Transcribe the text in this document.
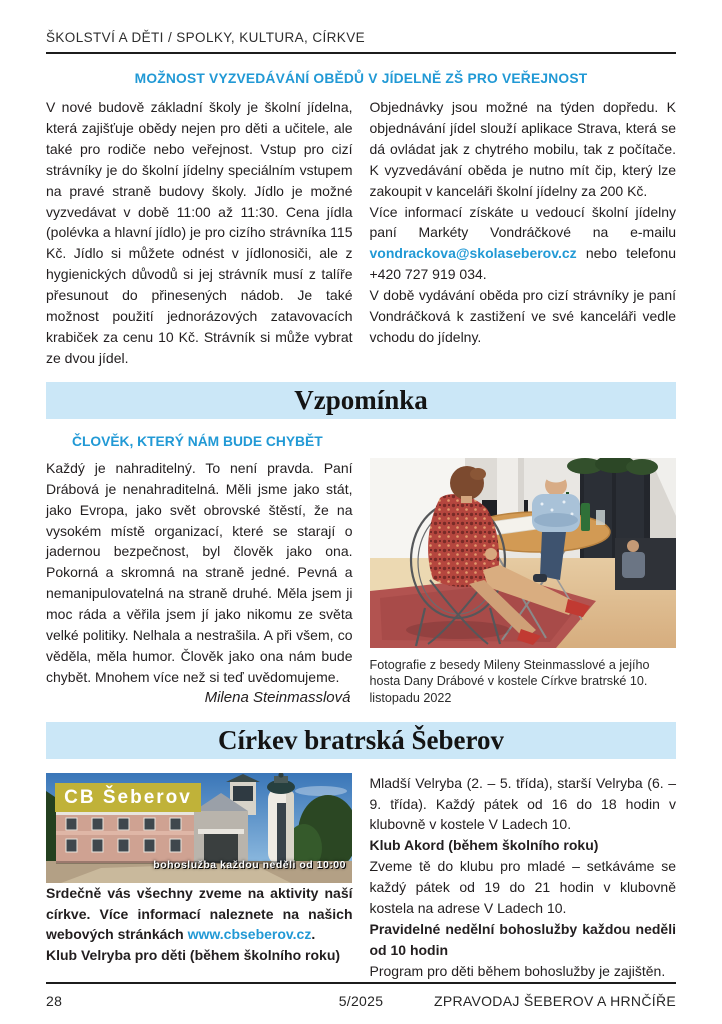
ŠKOLSTVÍ A DĚTI / SPOLKY, KULTURA, CÍRKVE
MOŽNOST VYZVEDÁVÁNÍ OBĚDŮ V JÍDELNĚ ZŠ PRO VEŘEJNOST

V nové budově základní školy je školní jídelna, která zajišťuje obědy nejen pro děti a učitele, ale také pro rodiče nebo veřejnost. Vstup pro cizí strávníky je do školní jídelny speciálním vstupem na pravé straně budovy školy. Jídlo je možné vyzvedávat v době 11:00 až 11:30. Cena jídla (polévka a hlavní jídlo) je pro cizího strávníka 115 Kč. Jídlo si můžete odnést v jídlonosiči, ale z hygienických důvodů si jej strávník musí z talíře přesunout do přinesených nádob. Je také možnost použití jednorázových zatavovacích krabiček za cenu 10 Kč. Strávník si může vybrat ze dvou jídel.

Objednávky jsou možné na týden dopředu. K objednávání jídel slouží aplikace Strava, která se dá ovládat jak z chytrého mobilu, tak z počítače. K vyzvedávání oběda je nutno mít čip, který lze zakoupit v kanceláři školní jídelny za 200 Kč.

Více informací získáte u vedoucí školní jídelny paní Markéty Vondráčkové na e-mailu vondrackova@skolaseberov.cz nebo telefonu +420 727 919 034.

V době vydávání oběda pro cizí strávníky je paní Vondráčková k zastižení ve své kanceláři vedle vchodu do jídelny.

Vzpomínka
ČLOVĚK, KTERÝ NÁM BUDE CHYBĚT

Každý je nahraditelný. To není pravda. Paní Drábová je nenahraditelná. Měli jsme jako stát, jako Evropa, jako svět obrovské štěstí, že na vysokém místě organizací, které se starají o jadernou bezpečnost, byl člověk jako ona. Pokorná a skromná na straně jedné. Pevná a nemanipulovatelná na straně druhé. Měla jsem ji moc ráda a věřila jsem jí jako nikomu ze světa velké politiky. Nelhala a nestrašila. A při všem, co věděla, měla humor. Člověk jako ona nám bude chybět. Mnohem více než si teď uvědomujeme.

Milena Steinmasslová

Fotografie z besedy Mileny Steinmasslové a jejího hosta Dany Drábové v kostele Církve bratrské 10. listopadu 2022
Církev bratrská Šeberov
CB Šeberov
bohoslužba každou neděli od 10:00

Srdečně vás všechny zveme na aktivity naší církve. Více informací naleznete na našich webových stránkách www.cbseberov.cz.

Klub Velryba pro děti (během školního roku)

Mladší Velryba (2. – 5. třída), starší Velryba (6. – 9. třída). Každý pátek od 16 do 18 hodin v klubovně v kostele V Ladech 10.

Klub Akord (během školního roku)

Zveme tě do klubu pro mladé – setkáváme se každý pátek od 19 do 21 hodin v klubovně kostela na adrese V Ladech 10.

Pravidelné nedělní bohoslužby každou neděli od 10 hodin

Program pro děti během bohoslužby je zajištěn.

28	5/2025	ZPRAVODAJ ŠEBEROV A HRNČÍŘE
